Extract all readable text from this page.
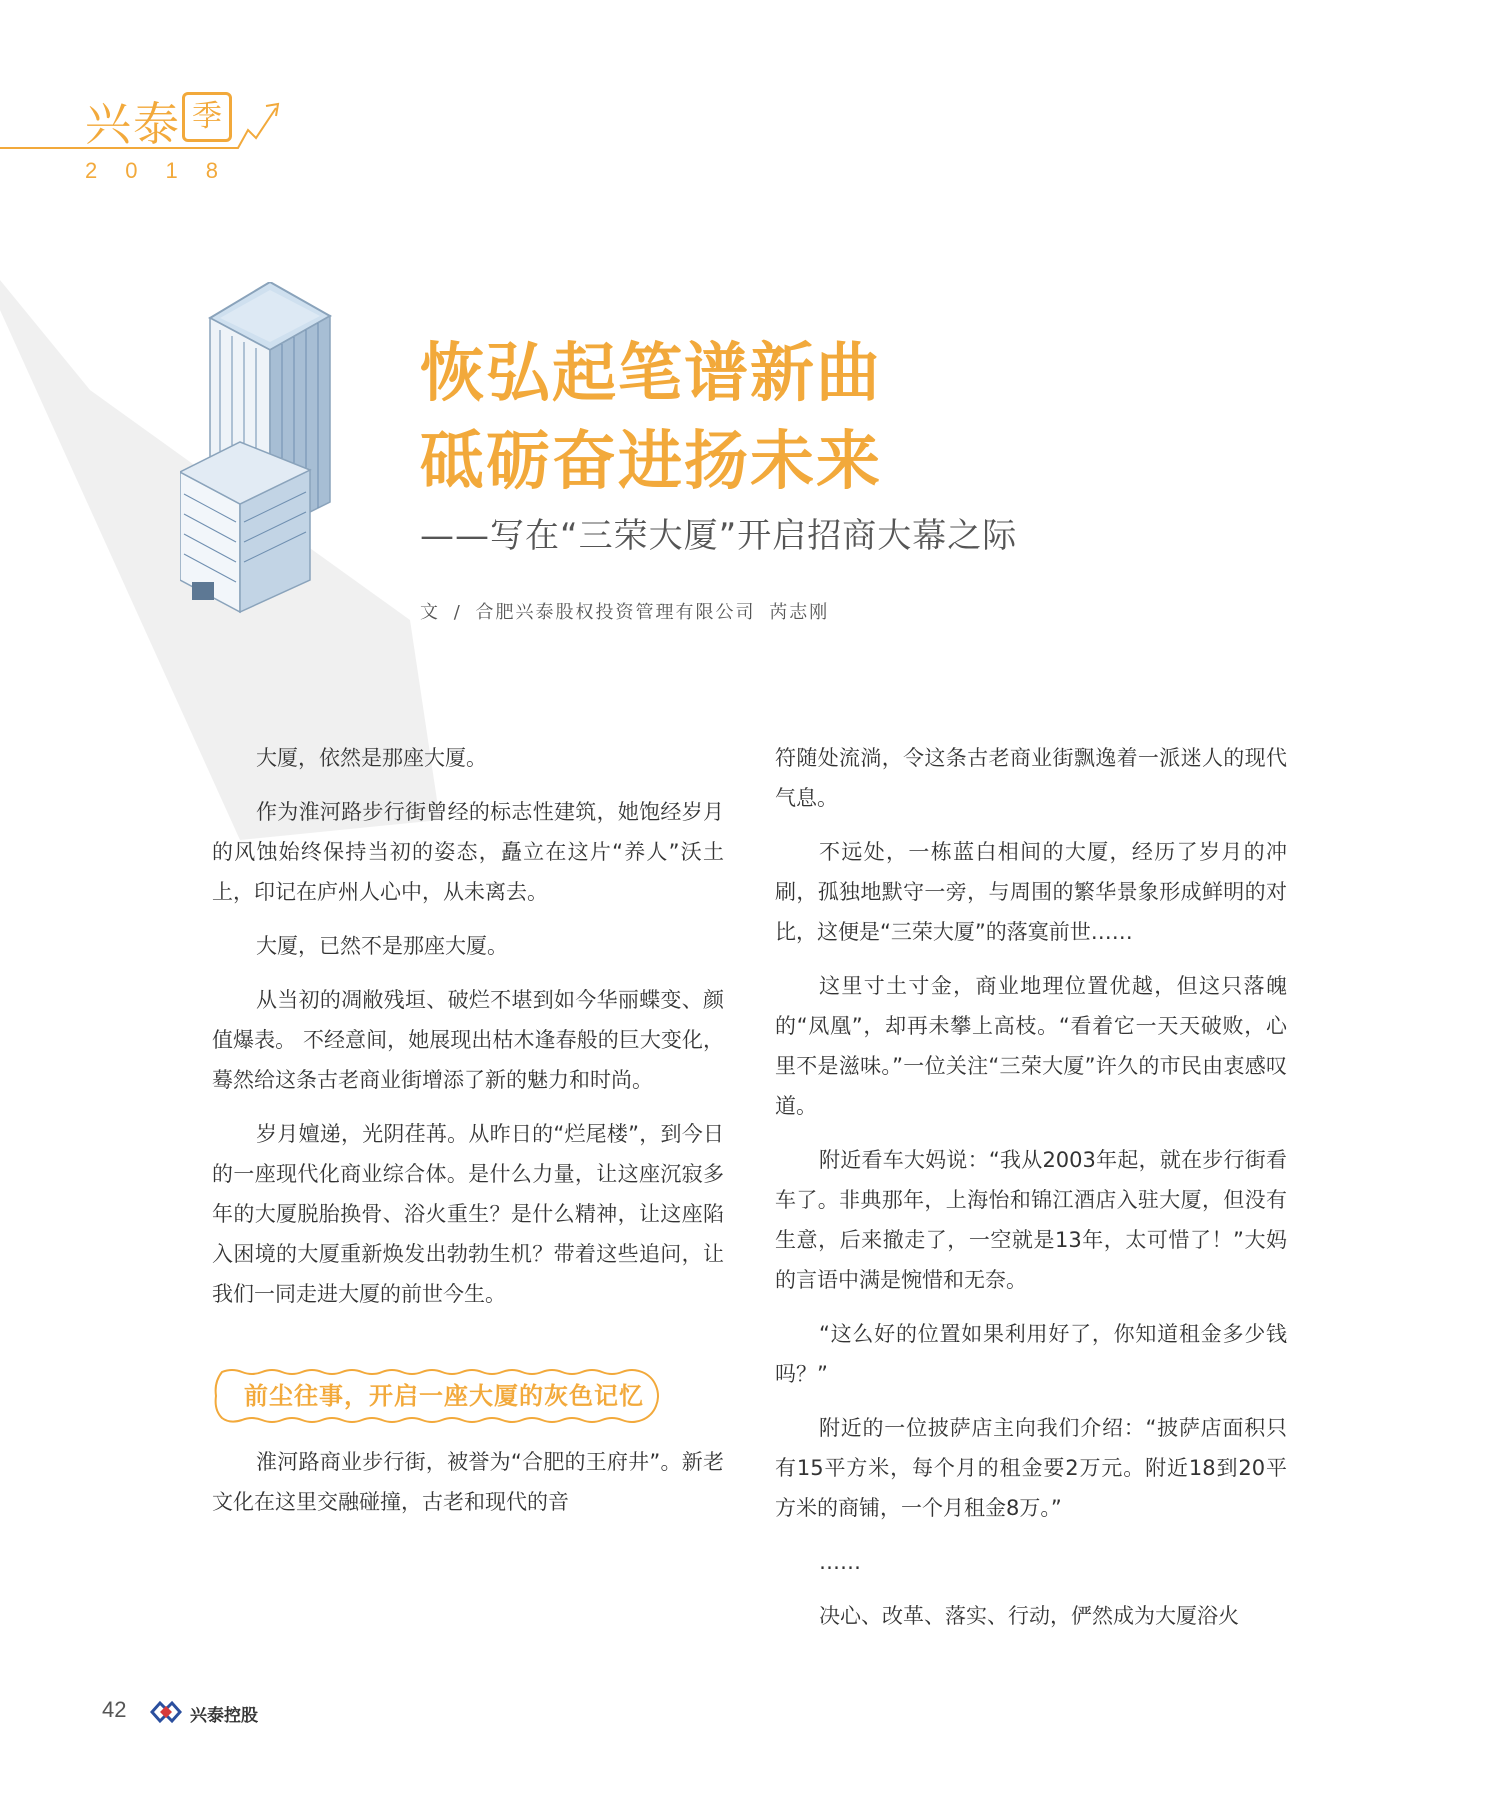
兴泰 季
2018
恢弘起笔谱新曲
砥砺奋进扬未来
——写在“三荣大厦”开启招商大幕之际
文 / 合肥兴泰股权投资管理有限公司 芮志刚

大厦，依然是那座大厦。

作为淮河路步行街曾经的标志性建筑，她饱经岁月的风蚀始终保持当初的姿态，矗立在这片“养人”沃土上，印记在庐州人心中，从未离去。

大厦，已然不是那座大厦。

从当初的凋敝残垣、破烂不堪到如今华丽蝶变、颜值爆表。 不经意间，她展现出枯木逢春般的巨大变化，蓦然给这条古老商业街增添了新的魅力和时尚。

岁月嬗递，光阴荏苒。从昨日的“烂尾楼”，到今日的一座现代化商业综合体。是什么力量，让这座沉寂多年的大厦脱胎换骨、浴火重生？是什么精神，让这座陷入困境的大厦重新焕发出勃勃生机？带着这些追问，让我们一同走进大厦的前世今生。

前尘往事，开启一座大厦的灰色记忆

淮河路商业步行街，被誉为“合肥的王府井”。新老文化在这里交融碰撞，古老和现代的音

符随处流淌，令这条古老商业街飘逸着一派迷人的现代气息。

不远处，一栋蓝白相间的大厦，经历了岁月的冲刷，孤独地默守一旁，与周围的繁华景象形成鲜明的对比，这便是“三荣大厦”的落寞前世……

这里寸土寸金，商业地理位置优越，但这只落魄的“凤凰”，却再未攀上高枝。“看着它一天天破败，心里不是滋味。”一位关注“三荣大厦”许久的市民由衷感叹道。

附近看车大妈说：“我从2003年起，就在步行街看车了。非典那年，上海怡和锦江酒店入驻大厦，但没有生意，后来撤走了，一空就是13年，太可惜了！”大妈的言语中满是惋惜和无奈。

“这么好的位置如果利用好了，你知道租金多少钱吗？”

附近的一位披萨店主向我们介绍：“披萨店面积只有15平方米，每个月的租金要2万元。附近18到20平方米的商铺，一个月租金8万。”

……

决心、改革、落实、行动，俨然成为大厦浴火

42	兴泰控股
